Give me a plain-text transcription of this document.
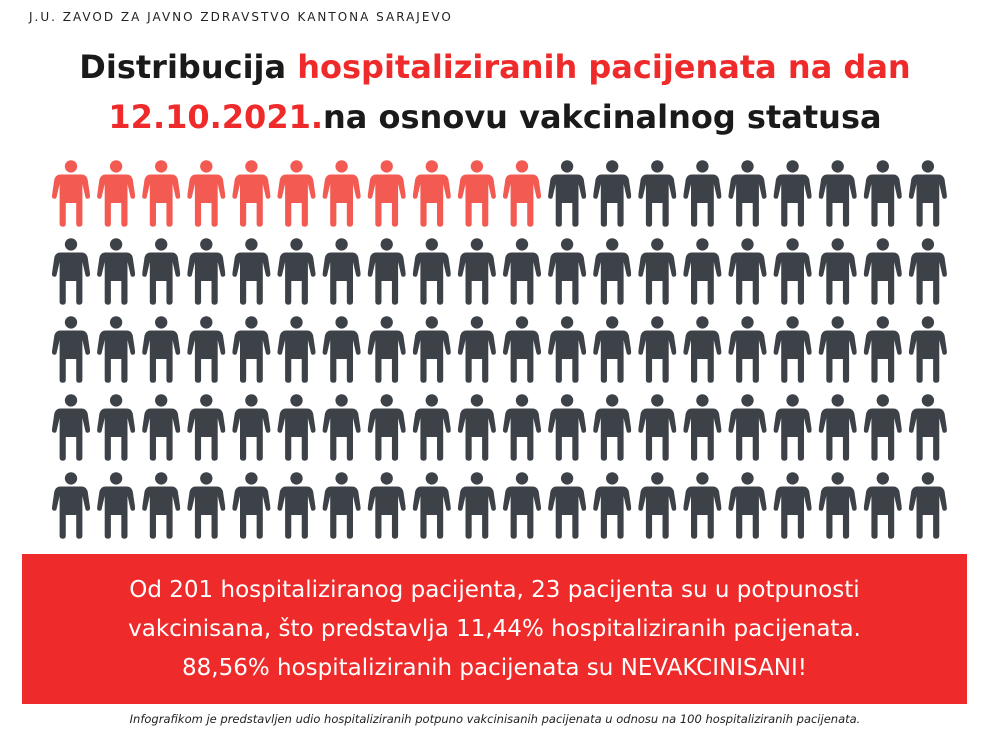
J.U. ZAVOD ZA JAVNO ZDRAVSTVO KANTONA SARAJEVO
Distribucija hospitaliziranih pacijenata na dan
12.10.2021.na osnovu vakcinalnog statusa
Od 201 hospitaliziranog pacijenta, 23 pacijenta su u potpunosti
vakcinisana, što predstavlja 11,44% hospitaliziranih pacijenata.
88,56% hospitaliziranih pacijenata su NEVAKCINISANI!
Infografikom je predstavljen udio hospitaliziranih potpuno vakcinisanih pacijenata u odnosu na 100 hospitaliziranih pacijenata.
